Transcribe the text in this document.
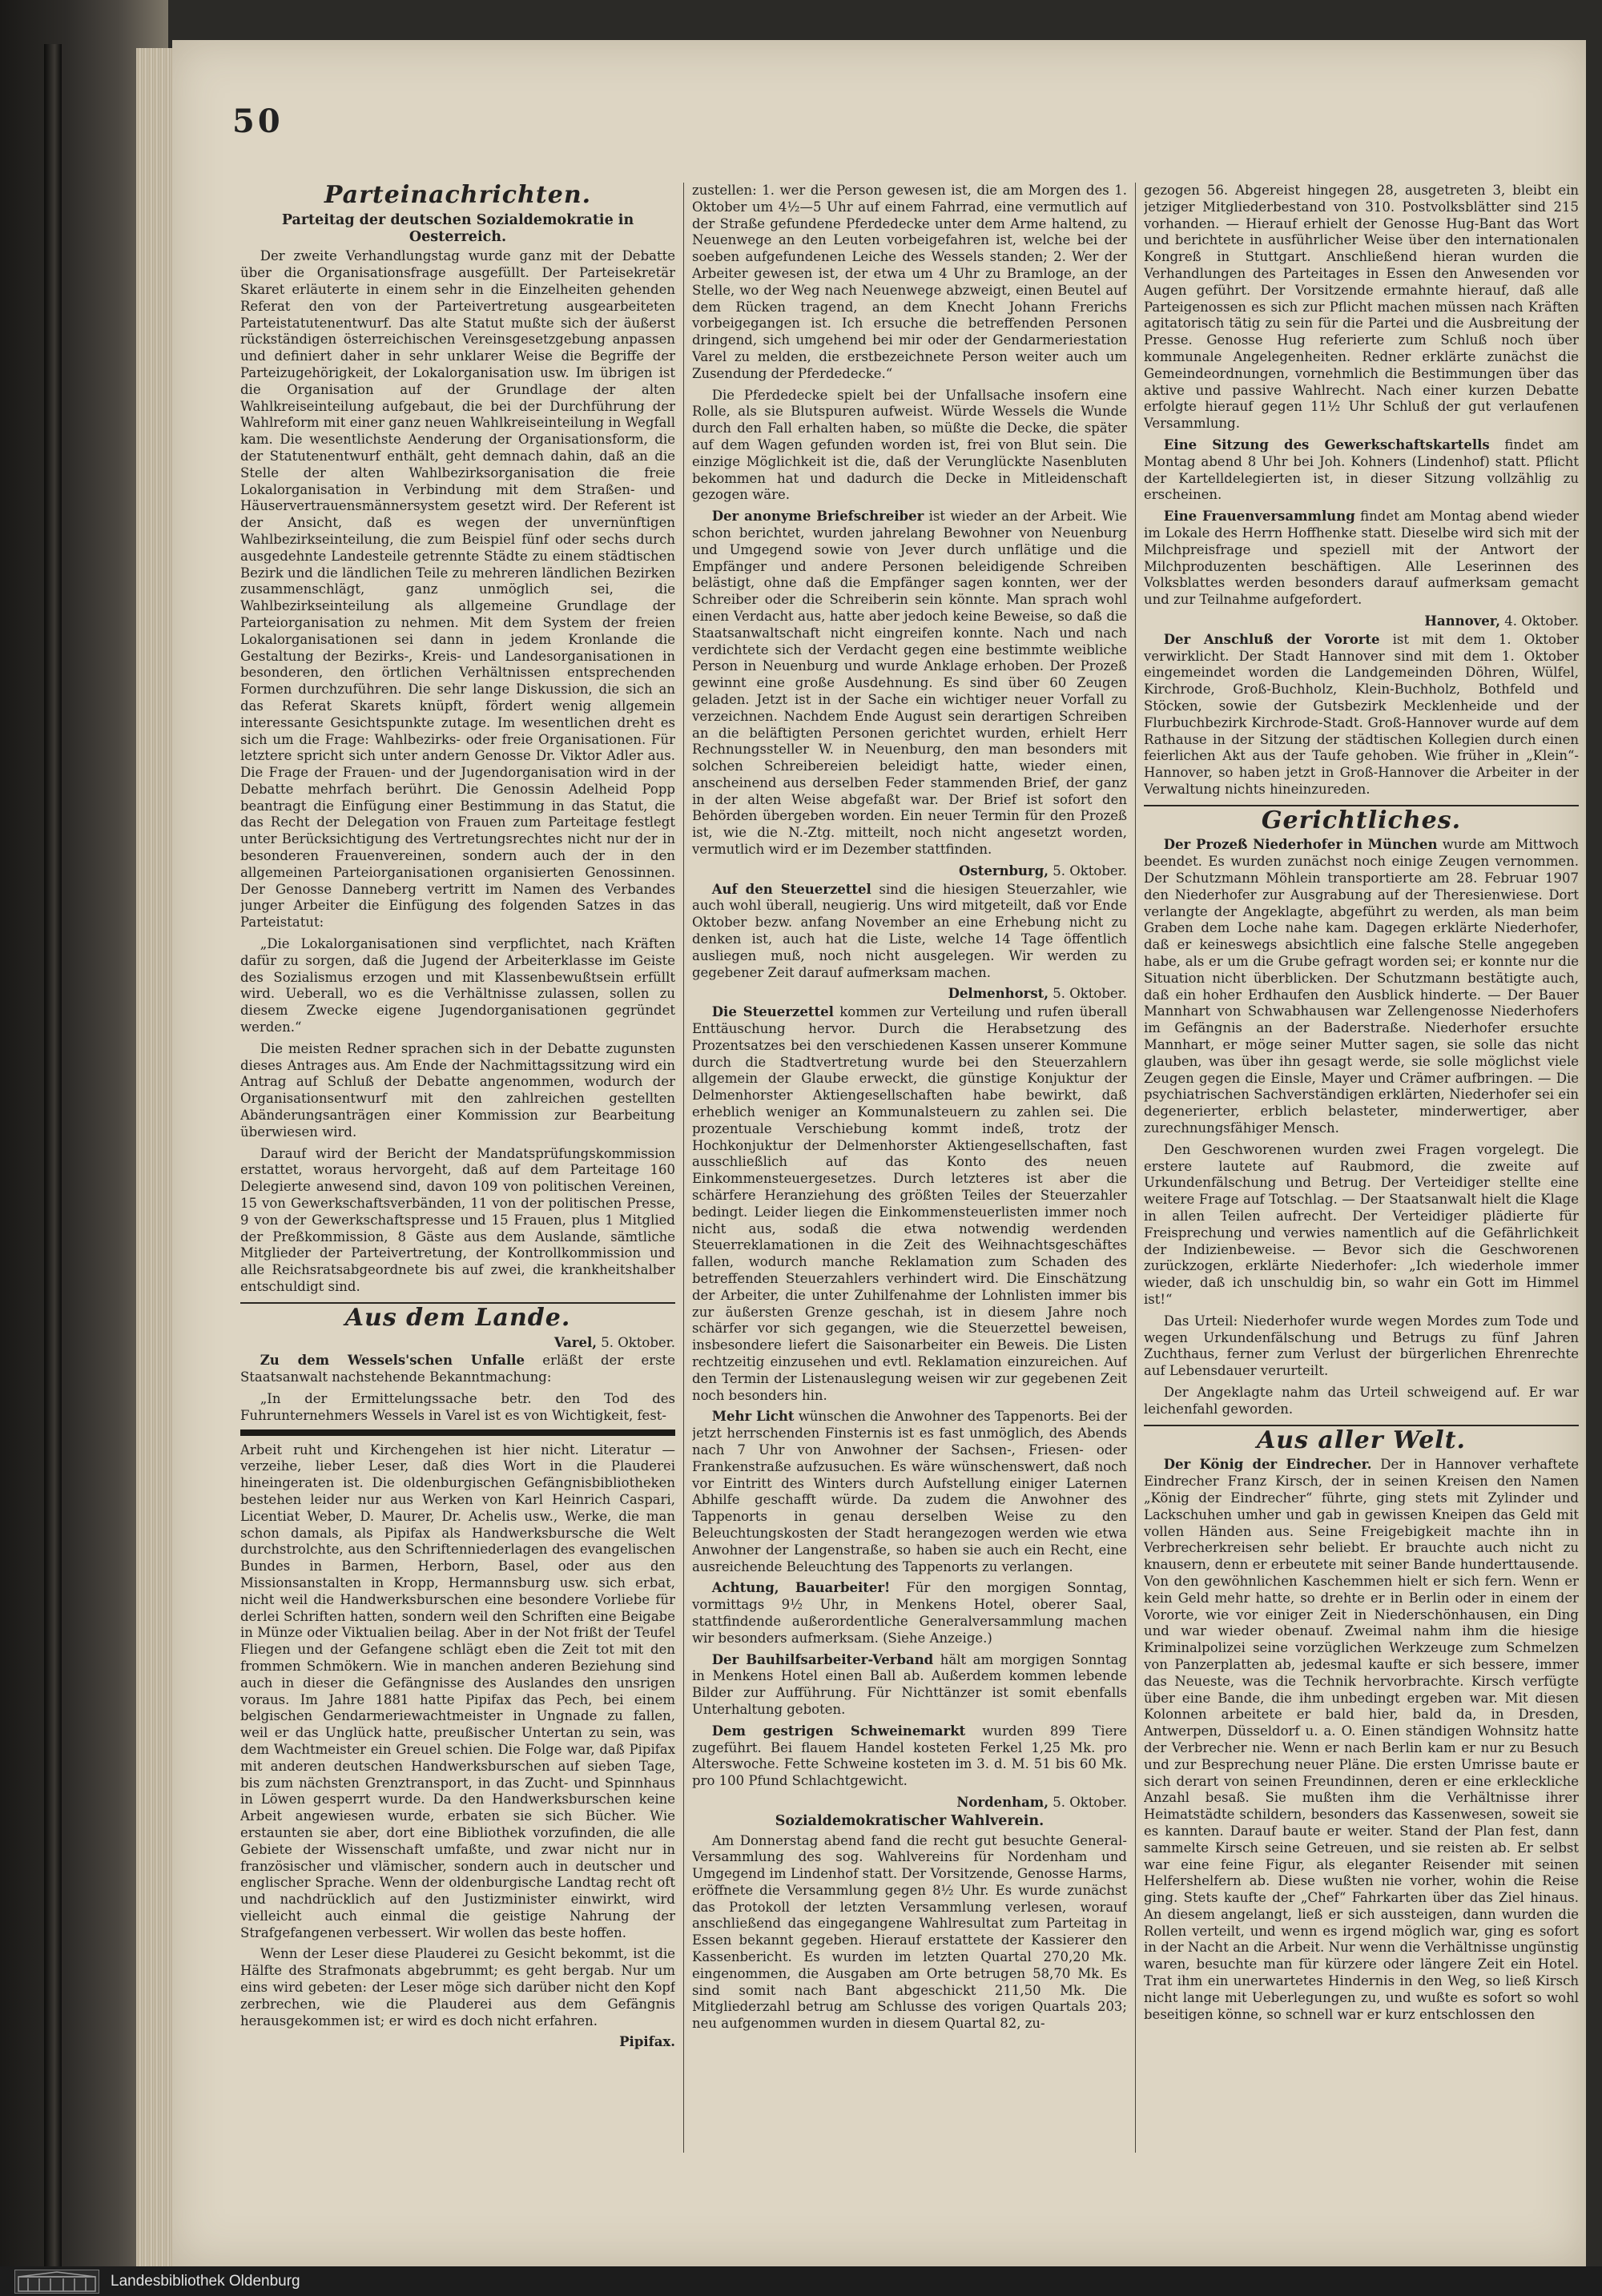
50
Parteinachrichten.
Parteitag der deutschen Sozialdemokratie in Oesterreich.

Der zweite Verhandlungstag wurde ganz mit der Debatte über die Organisationsfrage ausgefüllt. Der Parteisekretär Skaret erläuterte in einem sehr in die Einzelheiten gehenden Referat den von der Parteivertretung ausgearbeiteten Parteistatutenentwurf. Das alte Statut mußte sich der äußerst rückständigen österreichischen Vereinsgesetzgebung anpassen und definiert daher in sehr unklarer Weise die Begriffe der Parteizugehörigkeit, der Lokalorganisation usw. Im übrigen ist die Organisation auf der Grundlage der alten Wahlkreiseinteilung aufgebaut, die bei der Durchführung der Wahlreform mit einer ganz neuen Wahlkreiseinteilung in Wegfall kam. Die wesentlichste Aenderung der Organisationsform, die der Statutenentwurf enthält, geht demnach dahin, daß an die Stelle der alten Wahlbezirksorganisation die freie Lokalorganisation in Verbindung mit dem Straßen- und Häuservertrauensmännersystem gesetzt wird. Der Referent ist der Ansicht, daß es wegen der unvernünftigen Wahlbezirkseinteilung, die zum Beispiel fünf oder sechs durch ausgedehnte Landesteile getrennte Städte zu einem städtischen Bezirk und die ländlichen Teile zu mehreren ländlichen Bezirken zusammenschlägt, ganz unmöglich sei, die Wahlbezirkseinteilung als allgemeine Grundlage der Parteiorganisation zu nehmen. Mit dem System der freien Lokalorganisationen sei dann in jedem Kronlande die Gestaltung der Bezirks-, Kreis- und Landesorganisationen in besonderen, den örtlichen Verhältnissen entsprechenden Formen durchzuführen. Die sehr lange Diskussion, die sich an das Referat Skarets knüpft, fördert wenig allgemein interessante Gesichtspunkte zutage. Im wesentlichen dreht es sich um die Frage: Wahlbezirks- oder freie Organisationen. Für letztere spricht sich unter andern Genosse Dr. Viktor Adler aus. Die Frage der Frauen- und der Jugendorganisation wird in der Debatte mehrfach berührt. Die Genossin Adelheid Popp beantragt die Einfügung einer Bestimmung in das Statut, die das Recht der Delegation von Frauen zum Parteitage festlegt unter Berücksichtigung des Vertretungsrechtes nicht nur der in besonderen Frauenvereinen, sondern auch der in den allgemeinen Parteiorganisationen organisierten Genossinnen. Der Genosse Danneberg vertritt im Namen des Verbandes junger Arbeiter die Einfügung des folgenden Satzes in das Parteistatut:

„Die Lokalorganisationen sind verpflichtet, nach Kräften dafür zu sorgen, daß die Jugend der Arbeiterklasse im Geiste des Sozialismus erzogen und mit Klassenbewußtsein erfüllt wird. Ueberall, wo es die Verhältnisse zulassen, sollen zu diesem Zwecke eigene Jugendorganisationen gegründet werden.“

Die meisten Redner sprachen sich in der Debatte zugunsten dieses Antrages aus. Am Ende der Nachmittagssitzung wird ein Antrag auf Schluß der Debatte angenommen, wodurch der Organisationsentwurf mit den zahlreichen gestellten Abänderungsanträgen einer Kommission zur Bearbeitung überwiesen wird.

Darauf wird der Bericht der Mandatsprüfungskommission erstattet, woraus hervorgeht, daß auf dem Parteitage 160 Delegierte anwesend sind, davon 109 von politischen Vereinen, 15 von Gewerkschaftsverbänden, 11 von der politischen Presse, 9 von der Gewerkschaftspresse und 15 Frauen, plus 1 Mitglied der Preßkommission, 8 Gäste aus dem Auslande, sämtliche Mitglieder der Parteivertretung, der Kontrollkommission und alle Reichsratsabgeordnete bis auf zwei, die krankheitshalber entschuldigt sind.

Aus dem Lande.
Varel, 5. Oktober.

Zu dem Wessels'schen Unfalle erläßt der erste Staatsanwalt nachstehende Bekanntmachung:

„In der Ermittelungssache betr. den Tod des Fuhrunternehmers Wessels in Varel ist es von Wichtigkeit, fest-

Arbeit ruht und Kirchengehen ist hier nicht. Literatur — verzeihe, lieber Leser, daß dies Wort in die Plauderei hineingeraten ist. Die oldenburgischen Gefängnisbibliotheken bestehen leider nur aus Werken von Karl Heinrich Caspari, Licentiat Weber, D. Maurer, Dr. Achelis usw., Werke, die man schon damals, als Pipifax als Handwerksbursche die Welt durchstrolchte, aus den Schriftenniederlagen des evangelischen Bundes in Barmen, Herborn, Basel, oder aus den Missionsanstalten in Kropp, Hermannsburg usw. sich erbat, nicht weil die Handwerksburschen eine besondere Vorliebe für derlei Schriften hatten, sondern weil den Schriften eine Beigabe in Münze oder Viktualien beilag. Aber in der Not frißt der Teufel Fliegen und der Gefangene schlägt eben die Zeit tot mit den frommen Schmökern. Wie in manchen anderen Beziehung sind auch in dieser die Gefängnisse des Auslandes den unsrigen voraus. Im Jahre 1881 hatte Pipifax das Pech, bei einem belgischen Gendarmeriewachtmeister in Ungnade zu fallen, weil er das Unglück hatte, preußischer Untertan zu sein, was dem Wachtmeister ein Greuel schien. Die Folge war, daß Pipifax mit anderen deutschen Handwerksburschen auf sieben Tage, bis zum nächsten Grenztransport, in das Zucht- und Spinnhaus in Löwen gesperrt wurde. Da den Handwerksburschen keine Arbeit angewiesen wurde, erbaten sie sich Bücher. Wie erstaunten sie aber, dort eine Bibliothek vorzufinden, die alle Gebiete der Wissenschaft umfaßte, und zwar nicht nur in französischer und vlämischer, sondern auch in deutscher und englischer Sprache. Wenn der oldenburgische Landtag recht oft und nachdrücklich auf den Justizminister einwirkt, wird vielleicht auch einmal die geistige Nahrung der Strafgefangenen verbessert. Wir wollen das beste hoffen.

Wenn der Leser diese Plauderei zu Gesicht bekommt, ist die Hälfte des Strafmonats abgebrummt; es geht bergab. Nur um eins wird gebeten: der Leser möge sich darüber nicht den Kopf zerbrechen, wie die Plauderei aus dem Gefängnis herausgekommen ist; er wird es doch nicht erfahren.

Pipifax.

zustellen: 1. wer die Person gewesen ist, die am Morgen des 1. Oktober um 4½—5 Uhr auf einem Fahrrad, eine vermutlich auf der Straße gefundene Pferdedecke unter dem Arme haltend, zu Neuenwege an den Leuten vorbeigefahren ist, welche bei der soeben aufgefundenen Leiche des Wessels standen; 2. Wer der Arbeiter gewesen ist, der etwa um 4 Uhr zu Bramloge, an der Stelle, wo der Weg nach Neuenwege abzweigt, einen Beutel auf dem Rücken tragend, an dem Knecht Johann Frerichs vorbeigegangen ist. Ich ersuche die betreffenden Personen dringend, sich umgehend bei mir oder der Gendarmeriestation Varel zu melden, die erstbezeichnete Person weiter auch um Zusendung der Pferdedecke.“

Die Pferdedecke spielt bei der Unfallsache insofern eine Rolle, als sie Blutspuren aufweist. Würde Wessels die Wunde durch den Fall erhalten haben, so müßte die Decke, die später auf dem Wagen gefunden worden ist, frei von Blut sein. Die einzige Möglichkeit ist die, daß der Verunglückte Nasenbluten bekommen hat und dadurch die Decke in Mitleidenschaft gezogen wäre.

Der anonyme Briefschreiber ist wieder an der Arbeit. Wie schon berichtet, wurden jahrelang Bewohner von Neuenburg und Umgegend sowie von Jever durch unflätige und die Empfänger und andere Personen beleidigende Schreiben belästigt, ohne daß die Empfänger sagen konnten, wer der Schreiber oder die Schreiberin sein könnte. Man sprach wohl einen Verdacht aus, hatte aber jedoch keine Beweise, so daß die Staatsanwaltschaft nicht eingreifen konnte. Nach und nach verdichtete sich der Verdacht gegen eine bestimmte weibliche Person in Neuenburg und wurde Anklage erhoben. Der Prozeß gewinnt eine große Ausdehnung. Es sind über 60 Zeugen geladen. Jetzt ist in der Sache ein wichtiger neuer Vorfall zu verzeichnen. Nachdem Ende August sein derartigen Schreiben an die beläftigten Personen gerichtet wurden, erhielt Herr Rechnungssteller W. in Neuenburg, den man besonders mit solchen Schreibereien beleidigt hatte, wieder einen, anscheinend aus derselben Feder stammenden Brief, der ganz in der alten Weise abgefaßt war. Der Brief ist sofort den Behörden übergeben worden. Ein neuer Termin für den Prozeß ist, wie die N.-Ztg. mitteilt, noch nicht angesetzt worden, vermutlich wird er im Dezember stattfinden.

Osternburg, 5. Oktober.

Auf den Steuerzettel sind die hiesigen Steuerzahler, wie auch wohl überall, neugierig. Uns wird mitgeteilt, daß vor Ende Oktober bezw. anfang November an eine Erhebung nicht zu denken ist, auch hat die Liste, welche 14 Tage öffentlich ausliegen muß, noch nicht ausgelegen. Wir werden zu gegebener Zeit darauf aufmerksam machen.

Delmenhorst, 5. Oktober.

Die Steuerzettel kommen zur Verteilung und rufen überall Enttäuschung hervor. Durch die Herabsetzung des Prozentsatzes bei den verschiedenen Kassen unserer Kommune durch die Stadtvertretung wurde bei den Steuerzahlern allgemein der Glaube erweckt, die günstige Konjuktur der Delmenhorster Aktiengesellschaften habe bewirkt, daß erheblich weniger an Kommunalsteuern zu zahlen sei. Die prozentuale Verschiebung kommt indeß, trotz der Hochkonjuktur der Delmenhorster Aktiengesellschaften, fast ausschließlich auf das Konto des neuen Einkommensteuergesetzes. Durch letzteres ist aber die schärfere Heranziehung des größten Teiles der Steuerzahler bedingt. Leider liegen die Einkommensteuerlisten immer noch nicht aus, sodaß die etwa notwendig werdenden Steuerreklamationen in die Zeit des Weihnachtsgeschäftes fallen, wodurch manche Reklamation zum Schaden des betreffenden Steuerzahlers verhindert wird. Die Einschätzung der Arbeiter, die unter Zuhilfenahme der Lohnlisten immer bis zur äußersten Grenze geschah, ist in diesem Jahre noch schärfer vor sich gegangen, wie die Steuerzettel beweisen, insbesondere liefert die Saisonarbeiter ein Beweis. Die Listen rechtzeitig einzusehen und evtl. Reklamation einzureichen. Auf den Termin der Listenauslegung weisen wir zur gegebenen Zeit noch besonders hin.

Mehr Licht wünschen die Anwohner des Tappenorts. Bei der jetzt herrschenden Finsternis ist es fast unmöglich, des Abends nach 7 Uhr von Anwohner der Sachsen-, Friesen- oder Frankenstraße aufzusuchen. Es wäre wünschenswert, daß noch vor Eintritt des Winters durch Aufstellung einiger Laternen Abhilfe geschafft würde. Da zudem die Anwohner des Tappenorts in genau derselben Weise zu den Beleuchtungskosten der Stadt herangezogen werden wie etwa Anwohner der Langenstraße, so haben sie auch ein Recht, eine ausreichende Beleuchtung des Tappenorts zu verlangen.

Achtung, Bauarbeiter! Für den morgigen Sonntag, vormittags 9½ Uhr, in Menkens Hotel, oberer Saal, stattfindende außerordentliche Generalversammlung machen wir besonders aufmerksam. (Siehe Anzeige.)

Der Bauhilfsarbeiter-Verband hält am morgigen Sonntag in Menkens Hotel einen Ball ab. Außerdem kommen lebende Bilder zur Aufführung. Für Nichttänzer ist somit ebenfalls Unterhaltung geboten.

Dem gestrigen Schweinemarkt wurden 899 Tiere zugeführt. Bei flauem Handel kosteten Ferkel 1,25 Mk. pro Alterswoche. Fette Schweine kosteten im 3. d. M. 51 bis 60 Mk. pro 100 Pfund Schlachtgewicht.

Nordenham, 5. Oktober.
Sozialdemokratischer Wahlverein.

Am Donnerstag abend fand die recht gut besuchte General-Versammlung des sog. Wahlvereins für Nordenham und Umgegend im Lindenhof statt. Der Vorsitzende, Genosse Harms, eröffnete die Versammlung gegen 8½ Uhr. Es wurde zunächst das Protokoll der letzten Versammlung verlesen, worauf anschließend das eingegangene Wahlresultat zum Parteitag in Essen bekannt gegeben. Hierauf erstattete der Kassierer den Kassenbericht. Es wurden im letzten Quartal 270,20 Mk. eingenommen, die Ausgaben am Orte betrugen 58,70 Mk. Es sind somit nach Bant abgeschickt 211,50 Mk. Die Mitgliederzahl betrug am Schlusse des vorigen Quartals 203; neu aufgenommen wurden in diesem Quartal 82, zu-

gezogen 56. Abgereist hingegen 28, ausgetreten 3, bleibt ein jetziger Mitgliederbestand von 310. Postvolksblätter sind 215 vorhanden. — Hierauf erhielt der Genosse Hug-Bant das Wort und berichtete in ausführlicher Weise über den internationalen Kongreß in Stuttgart. Anschließend hieran wurden die Verhandlungen des Parteitages in Essen den Anwesenden vor Augen geführt. Der Vorsitzende ermahnte hierauf, daß alle Parteigenossen es sich zur Pflicht machen müssen nach Kräften agitatorisch tätig zu sein für die Partei und die Ausbreitung der Presse. Genosse Hug referierte zum Schluß noch über kommunale Angelegenheiten. Redner erklärte zunächst die Gemeindeordnungen, vornehmlich die Bestimmungen über das aktive und passive Wahlrecht. Nach einer kurzen Debatte erfolgte hierauf gegen 11½ Uhr Schluß der gut verlaufenen Versammlung.

Eine Sitzung des Gewerkschaftskartells findet am Montag abend 8 Uhr bei Joh. Kohners (Lindenhof) statt. Pflicht der Kartelldelegierten ist, in dieser Sitzung vollzählig zu erscheinen.

Eine Frauenversammlung findet am Montag abend wieder im Lokale des Herrn Hoffhenke statt. Dieselbe wird sich mit der Milchpreisfrage und speziell mit der Antwort der Milchproduzenten beschäftigen. Alle Leserinnen des Volksblattes werden besonders darauf aufmerksam gemacht und zur Teilnahme aufgefordert.

Hannover, 4. Oktober.

Der Anschluß der Vororte ist mit dem 1. Oktober verwirklicht. Der Stadt Hannover sind mit dem 1. Oktober eingemeindet worden die Landgemeinden Döhren, Wülfel, Kirchrode, Groß-Buchholz, Klein-Buchholz, Bothfeld und Stöcken, sowie der Gutsbezirk Mecklenheide und der Flurbuchbezirk Kirchrode-Stadt. Groß-Hannover wurde auf dem Rathause in der Sitzung der städtischen Kollegien durch einen feierlichen Akt aus der Taufe gehoben. Wie früher in „Klein“-Hannover, so haben jetzt in Groß-Hannover die Arbeiter in der Verwaltung nichts hineinzureden.

Gerichtliches.

Der Prozeß Niederhofer in München wurde am Mittwoch beendet. Es wurden zunächst noch einige Zeugen vernommen. Der Schutzmann Möhlein transportierte am 28. Februar 1907 den Niederhofer zur Ausgrabung auf der Theresienwiese. Dort verlangte der Angeklagte, abgeführt zu werden, als man beim Graben dem Loche nahe kam. Dagegen erklärte Niederhofer, daß er keineswegs absichtlich eine falsche Stelle angegeben habe, als er um die Grube gefragt worden sei; er konnte nur die Situation nicht überblicken. Der Schutzmann bestätigte auch, daß ein hoher Erdhaufen den Ausblick hinderte. — Der Bauer Mannhart von Schwabhausen war Zellengenosse Niederhofers im Gefängnis an der Baderstraße. Niederhofer ersuchte Mannhart, er möge seiner Mutter sagen, sie solle das nicht glauben, was über ihn gesagt werde, sie solle möglichst viele Zeugen gegen die Einsle, Mayer und Crämer aufbringen. — Die psychiatrischen Sachverständigen erklärten, Niederhofer sei ein degenerierter, erblich belasteter, minderwertiger, aber zurechnungsfähiger Mensch.

Den Geschworenen wurden zwei Fragen vorgelegt. Die erstere lautete auf Raubmord, die zweite auf Urkundenfälschung und Betrug. Der Verteidiger stellte eine weitere Frage auf Totschlag. — Der Staatsanwalt hielt die Klage in allen Teilen aufrecht. Der Verteidiger plädierte für Freisprechung und verwies namentlich auf die Gefährlichkeit der Indizienbeweise. — Bevor sich die Geschworenen zurückzogen, erklärte Niederhofer: „Ich wiederhole immer wieder, daß ich unschuldig bin, so wahr ein Gott im Himmel ist!“

Das Urteil: Niederhofer wurde wegen Mordes zum Tode und wegen Urkundenfälschung und Betrugs zu fünf Jahren Zuchthaus, ferner zum Verlust der bürgerlichen Ehrenrechte auf Lebensdauer verurteilt.

Der Angeklagte nahm das Urteil schweigend auf. Er war leichenfahl geworden.

Aus aller Welt.

Der König der Eindrecher. Der in Hannover verhaftete Eindrecher Franz Kirsch, der in seinen Kreisen den Namen „König der Eindrecher“ führte, ging stets mit Zylinder und Lackschuhen umher und gab in gewissen Kneipen das Geld mit vollen Händen aus. Seine Freigebigkeit machte ihn in Verbrecherkreisen sehr beliebt. Er brauchte auch nicht zu knausern, denn er erbeutete mit seiner Bande hunderttausende. Von den gewöhnlichen Kaschemmen hielt er sich fern. Wenn er kein Geld mehr hatte, so drehte er in Berlin oder in einem der Vororte, wie vor einiger Zeit in Niederschönhausen, ein Ding und war wieder obenauf. Zweimal nahm ihm die hiesige Kriminalpolizei seine vorzüglichen Werkzeuge zum Schmelzen von Panzerplatten ab, jedesmal kaufte er sich bessere, immer das Neueste, was die Technik hervorbrachte. Kirsch verfügte über eine Bande, die ihm unbedingt ergeben war. Mit diesen Kolonnen arbeitete er bald hier, bald da, in Dresden, Antwerpen, Düsseldorf u. a. O. Einen ständigen Wohnsitz hatte der Verbrecher nie. Wenn er nach Berlin kam er nur zu Besuch und zur Besprechung neuer Pläne. Die ersten Umrisse baute er sich derart von seinen Freundinnen, deren er eine erkleckliche Anzahl besaß. Sie mußten ihm die Verhältnisse ihrer Heimatstädte schildern, besonders das Kassenwesen, soweit sie es kannten. Darauf baute er weiter. Stand der Plan fest, dann sammelte Kirsch seine Getreuen, und sie reisten ab. Er selbst war eine feine Figur, als eleganter Reisender mit seinen Helfershelfern ab. Diese wußten nie vorher, wohin die Reise ging. Stets kaufte der „Chef“ Fahrkarten über das Ziel hinaus. An diesem angelangt, ließ er sich aussteigen, dann wurden die Rollen verteilt, und wenn es irgend möglich war, ging es sofort in der Nacht an die Arbeit. Nur wenn die Verhältnisse ungünstig waren, besuchte man für kürzere oder längere Zeit ein Hotel. Trat ihm ein unerwartetes Hindernis in den Weg, so ließ Kirsch nicht lange mit Ueberlegungen zu, und wußte es sofort so wohl beseitigen könne, so schnell war er kurz entschlossen den

Landesbibliothek Oldenburg
